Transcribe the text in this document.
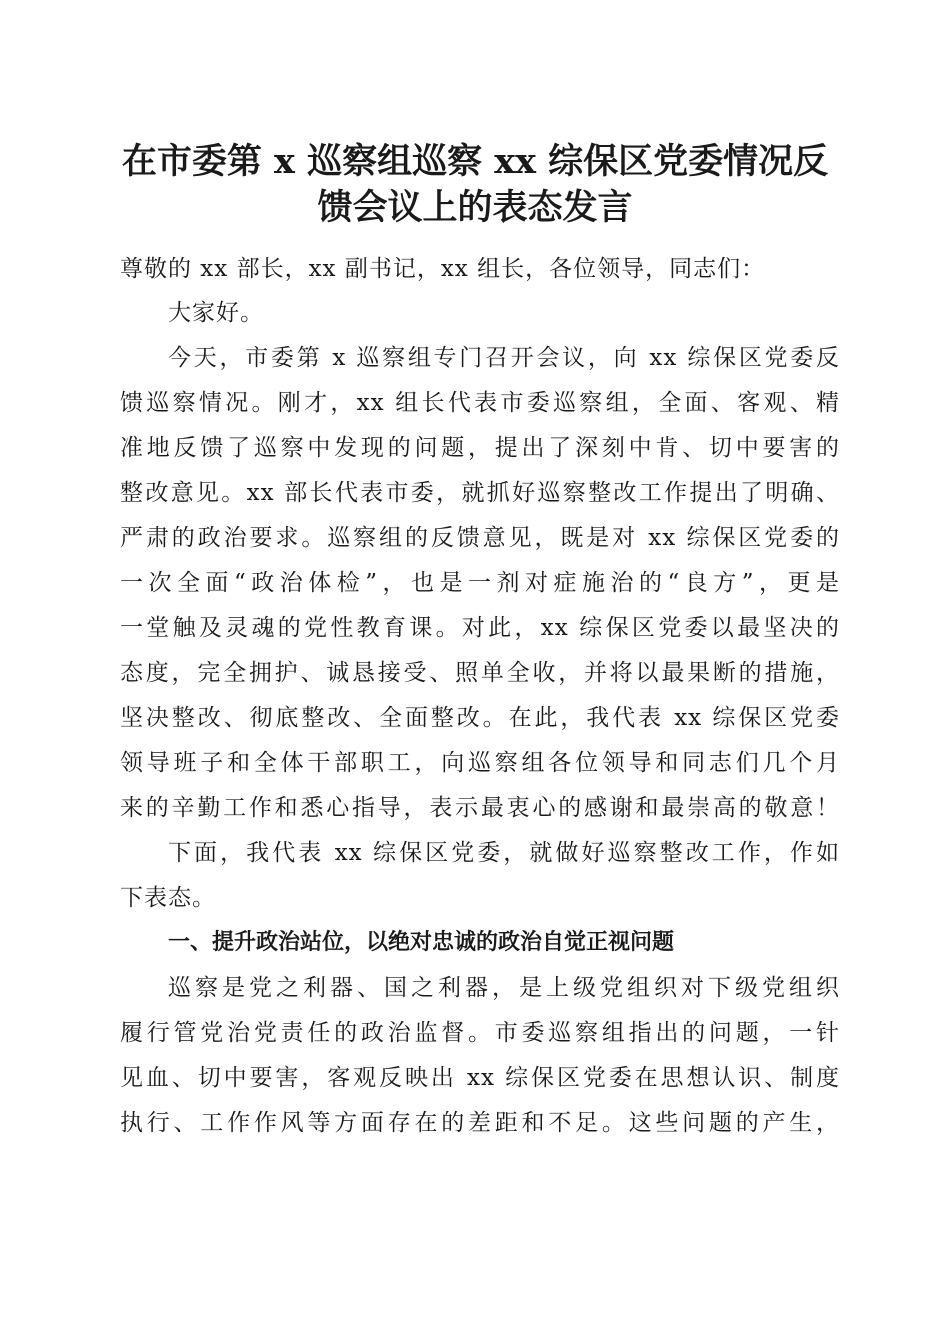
在市委第 x 巡察组巡察 xx 综保区党委情况反
馈会议上的表态发言
尊敬的 xx 部长，xx 副书记，xx 组长，各位领导，同志们：
大家好。
今天，市委第 x 巡察组专门召开会议，向 xx 综保区党委反
馈巡察情况。刚才，xx 组长代表市委巡察组，全面、客观、精
准地反馈了巡察中发现的问题，提出了深刻中肯、切中要害的
整改意见。xx 部长代表市委，就抓好巡察整改工作提出了明确、
严肃的政治要求。巡察组的反馈意见，既是对 xx 综保区党委的
一次全面“政治体检”，也是一剂对症施治的“良方”，更是
一堂触及灵魂的党性教育课。对此，xx 综保区党委以最坚决的
态度，完全拥护、诚恳接受、照单全收，并将以最果断的措施，
坚决整改、彻底整改、全面整改。在此，我代表 xx 综保区党委
领导班子和全体干部职工，向巡察组各位领导和同志们几个月
来的辛勤工作和悉心指导，表示最衷心的感谢和最崇高的敬意！
下面，我代表 xx 综保区党委，就做好巡察整改工作，作如
下表态。
一、提升政治站位，以绝对忠诚的政治自觉正视问题
巡察是党之利器、国之利器，是上级党组织对下级党组织
履行管党治党责任的政治监督。市委巡察组指出的问题，一针
见血、切中要害，客观反映出 xx 综保区党委在思想认识、制度
执行、工作作风等方面存在的差距和不足。这些问题的产生，
